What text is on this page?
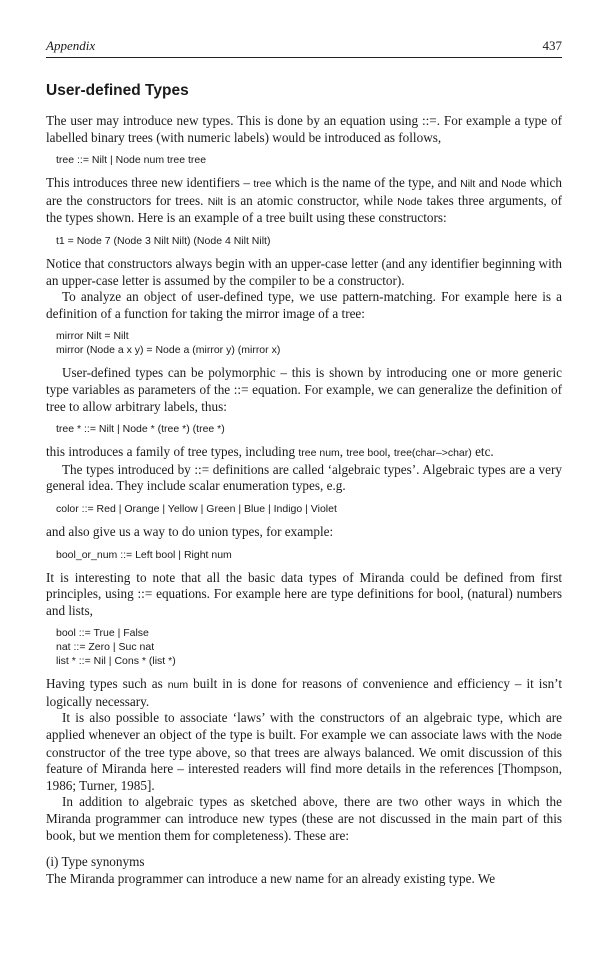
Appendix	437
User-defined Types

The user may introduce new types. This is done by an equation using ::=. For example a type of labelled binary trees (with numeric labels) would be introduced as follows,

tree ::= Nilt | Node num tree tree

This introduces three new identifiers – tree which is the name of the type, and Nilt and Node which are the constructors for trees. Nilt is an atomic constructor, while Node takes three arguments, of the types shown. Here is an example of a tree built using these constructors:

t1 = Node 7 (Node 3 Nilt Nilt) (Node 4 Nilt Nilt)

Notice that constructors always begin with an upper-case letter (and any identifier beginning with an upper-case letter is assumed by the compiler to be a constructor).

To analyze an object of user-defined type, we use pattern-matching. For example here is a definition of a function for taking the mirror image of a tree:

mirror Nilt = Nilt
mirror (Node a x y) = Node a (mirror y) (mirror x)

User-defined types can be polymorphic – this is shown by introducing one or more generic type variables as parameters of the ::= equation. For example, we can generalize the definition of tree to allow arbitrary labels, thus:

tree * ::= Nilt | Node * (tree *) (tree *)

this introduces a family of tree types, including tree num, tree bool, tree(char–>char) etc.

The types introduced by ::= definitions are called ‘algebraic types’. Algebraic types are a very general idea. They include scalar enumeration types, e.g.

color ::= Red | Orange | Yellow | Green | Blue | Indigo | Violet

and also give us a way to do union types, for example:

bool_or_num ::= Left bool | Right num

It is interesting to note that all the basic data types of Miranda could be defined from first principles, using ::= equations. For example here are type definitions for bool, (natural) numbers and lists,

bool ::= True | False
nat ::= Zero | Suc nat
list * ::= Nil | Cons * (list *)

Having types such as num built in is done for reasons of convenience and efficiency – it isn’t logically necessary.

It is also possible to associate ‘laws’ with the constructors of an algebraic type, which are applied whenever an object of the type is built. For example we can associate laws with the Node constructor of the tree type above, so that trees are always balanced. We omit discussion of this feature of Miranda here – interested readers will find more details in the references [Thompson, 1986; Turner, 1985].

In addition to algebraic types as sketched above, there are two other ways in which the Miranda programmer can introduce new types (these are not discussed in the main part of this book, but we mention them for completeness). These are:

(i) Type synonyms

The Miranda programmer can introduce a new name for an already existing type. We
